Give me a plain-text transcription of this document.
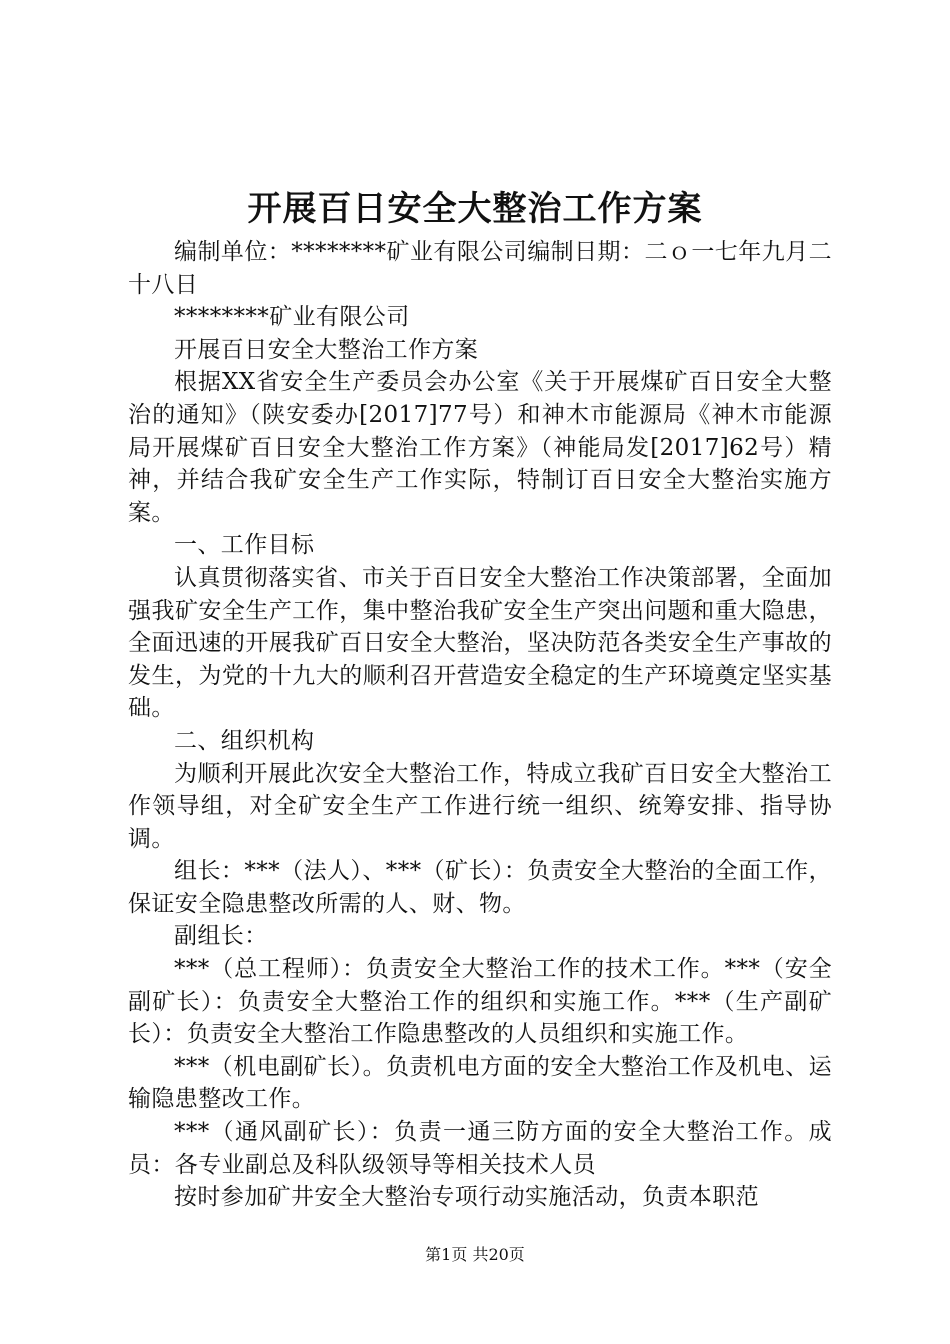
开展百日安全大整治工作方案

编制单位：********矿业有限公司编制日期：二ｏ一七年九月二十八日

********矿业有限公司

开展百日安全大整治工作方案

根据XX省安全生产委员会办公室《关于开展煤矿百日安全大整治的通知》（陕安委办[2017]77号）和神木市能源局《神木市能源局开展煤矿百日安全大整治工作方案》（神能局发[2017]62号）精神，并结合我矿安全生产工作实际，特制订百日安全大整治实施方案。

一、工作目标

认真贯彻落实省、市关于百日安全大整治工作决策部署，全面加强我矿安全生产工作，集中整治我矿安全生产突出问题和重大隐患，全面迅速的开展我矿百日安全大整治，坚决防范各类安全生产事故的发生，为党的十九大的顺利召开营造安全稳定的生产环境奠定坚实基础。

二、组织机构

为顺利开展此次安全大整治工作，特成立我矿百日安全大整治工作领导组，对全矿安全生产工作进行统一组织、统筹安排、指导协调。

组长：***（法人）、***（矿长）：负责安全大整治的全面工作，保证安全隐患整改所需的人、财、物。

副组长：

***（总工程师）：负责安全大整治工作的技术工作。***（安全副矿长）：负责安全大整治工作的组织和实施工作。***（生产副矿长）：负责安全大整治工作隐患整改的人员组织和实施工作。

***（机电副矿长）。负责机电方面的安全大整治工作及机电、运输隐患整改工作。

***（通风副矿长）：负责一通三防方面的安全大整治工作。成员：各专业副总及科队级领导等相关技术人员

按时参加矿井安全大整治专项行动实施活动，负责本职范

第1页 共20页
